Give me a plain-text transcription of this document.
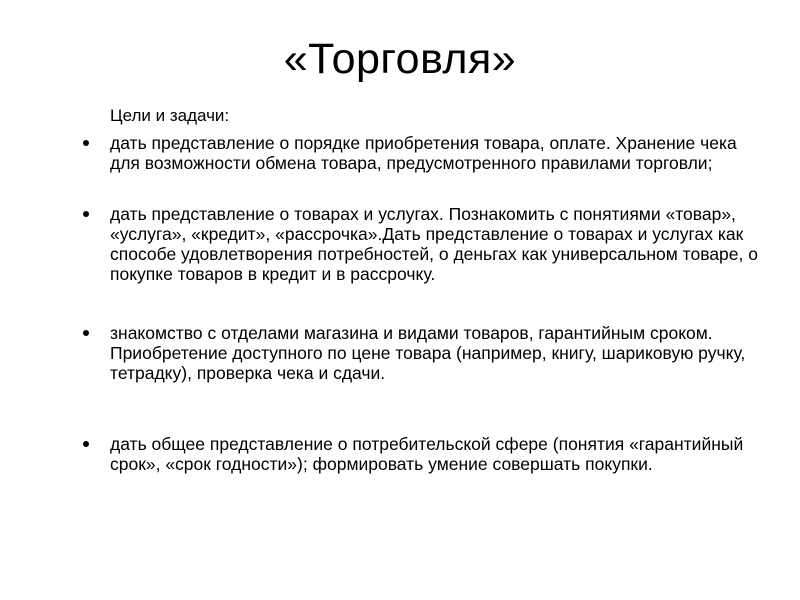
«Торговля»

Цели и задачи:

дать представление о порядке приобретения товара, оплате. Хранение чека для возможности обмена товара, предусмотренного правилами торговли;

дать представление о товарах и услугах. Познакомить с понятиями «товар», «услуга», «кредит», «рассрочка».Дать представление о товарах и услугах как способе удовлетворения потребностей, о деньгах как универсальном товаре, о покупке товаров в кредит и в рассрочку.

знакомство с отделами магазина и видами товаров, гарантийным сроком. Приобретение доступного по цене товара (например, книгу, шариковую ручку, тетрадку), проверка чека и сдачи.

дать общее представление о потребительской сфере (понятия «гарантийный срок», «срок годности»); формировать умение совершать покупки.
